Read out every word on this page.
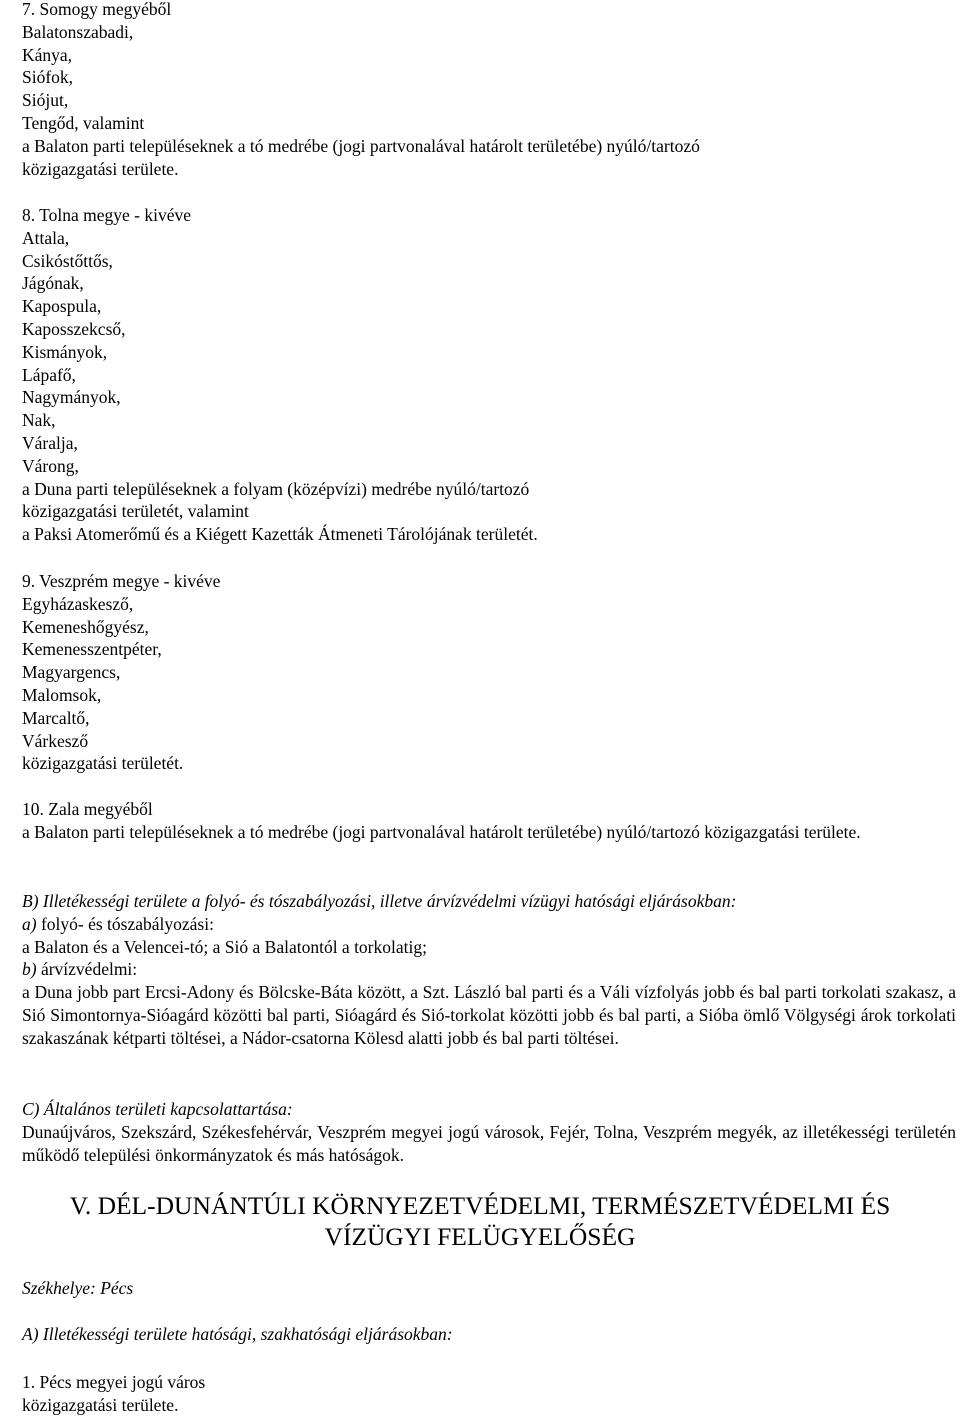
7. Somogy megyéből
Balatonszabadi,
Kánya,
Siófok,
Siójut,
Tengőd, valamint
a Balaton parti településeknek a tó medrébe (jogi partvonalával határolt területébe) nyúló/tartozó
közigazgatási területe.
8. Tolna megye - kivéve
Attala,
Csikóstőttős,
Jágónak,
Kapospula,
Kaposszekcső,
Kismányok,
Lápafő,
Nagymányok,
Nak,
Váralja,
Várong,
a Duna parti településeknek a folyam (középvízi) medrébe nyúló/tartozó
közigazgatási területét, valamint
a Paksi Atomerőmű és a Kiégett Kazetták Átmeneti Tárolójának területét.
9. Veszprém megye - kivéve
Egyházaskesző,
Kemeneshőgyész,
Kemenesszentpéter,
Magyargencs,
Malomsok,
Marcaltő,
Várkesző
közigazgatási területét.
10. Zala megyéből
a Balaton parti településeknek a tó medrébe (jogi partvonalával határolt területébe) nyúló/tartozó közigazgatási területe.
B) Illetékességi területe a folyó- és tószabályozási, illetve árvízvédelmi vízügyi hatósági eljárásokban:
a) folyó- és tószabályozási:
a Balaton és a Velencei-tó; a Sió a Balatontól a torkolatig;
b) árvízvédelmi:
a Duna jobb part Ercsi-Adony és Bölcske-Báta között, a Szt. László bal parti és a Váli vízfolyás jobb és bal parti torkolati szakasz, a Sió Simontornya-Sióagárd közötti bal parti, Sióagárd és Sió-torkolat közötti jobb és bal parti, a Sióba ömlő Völgységi árok torkolati szakaszának kétparti töltései, a Nádor-csatorna Kölesd alatti jobb és bal parti töltései.
C) Általános területi kapcsolattartása:
Dunaújváros, Szekszárd, Székesfehérvár, Veszprém megyei jogú városok, Fejér, Tolna, Veszprém megyék, az illetékességi területén működő települési önkormányzatok és más hatóságok.
V. DÉL-DUNÁNTÚLI KÖRNYEZETVÉDELMI, TERMÉSZETVÉDELMI ÉS
VÍZÜGYI FELÜGYELŐSÉG
Székhelye: Pécs
A) Illetékességi területe hatósági, szakhatósági eljárásokban:
1. Pécs megyei jogú város
közigazgatási területe.
